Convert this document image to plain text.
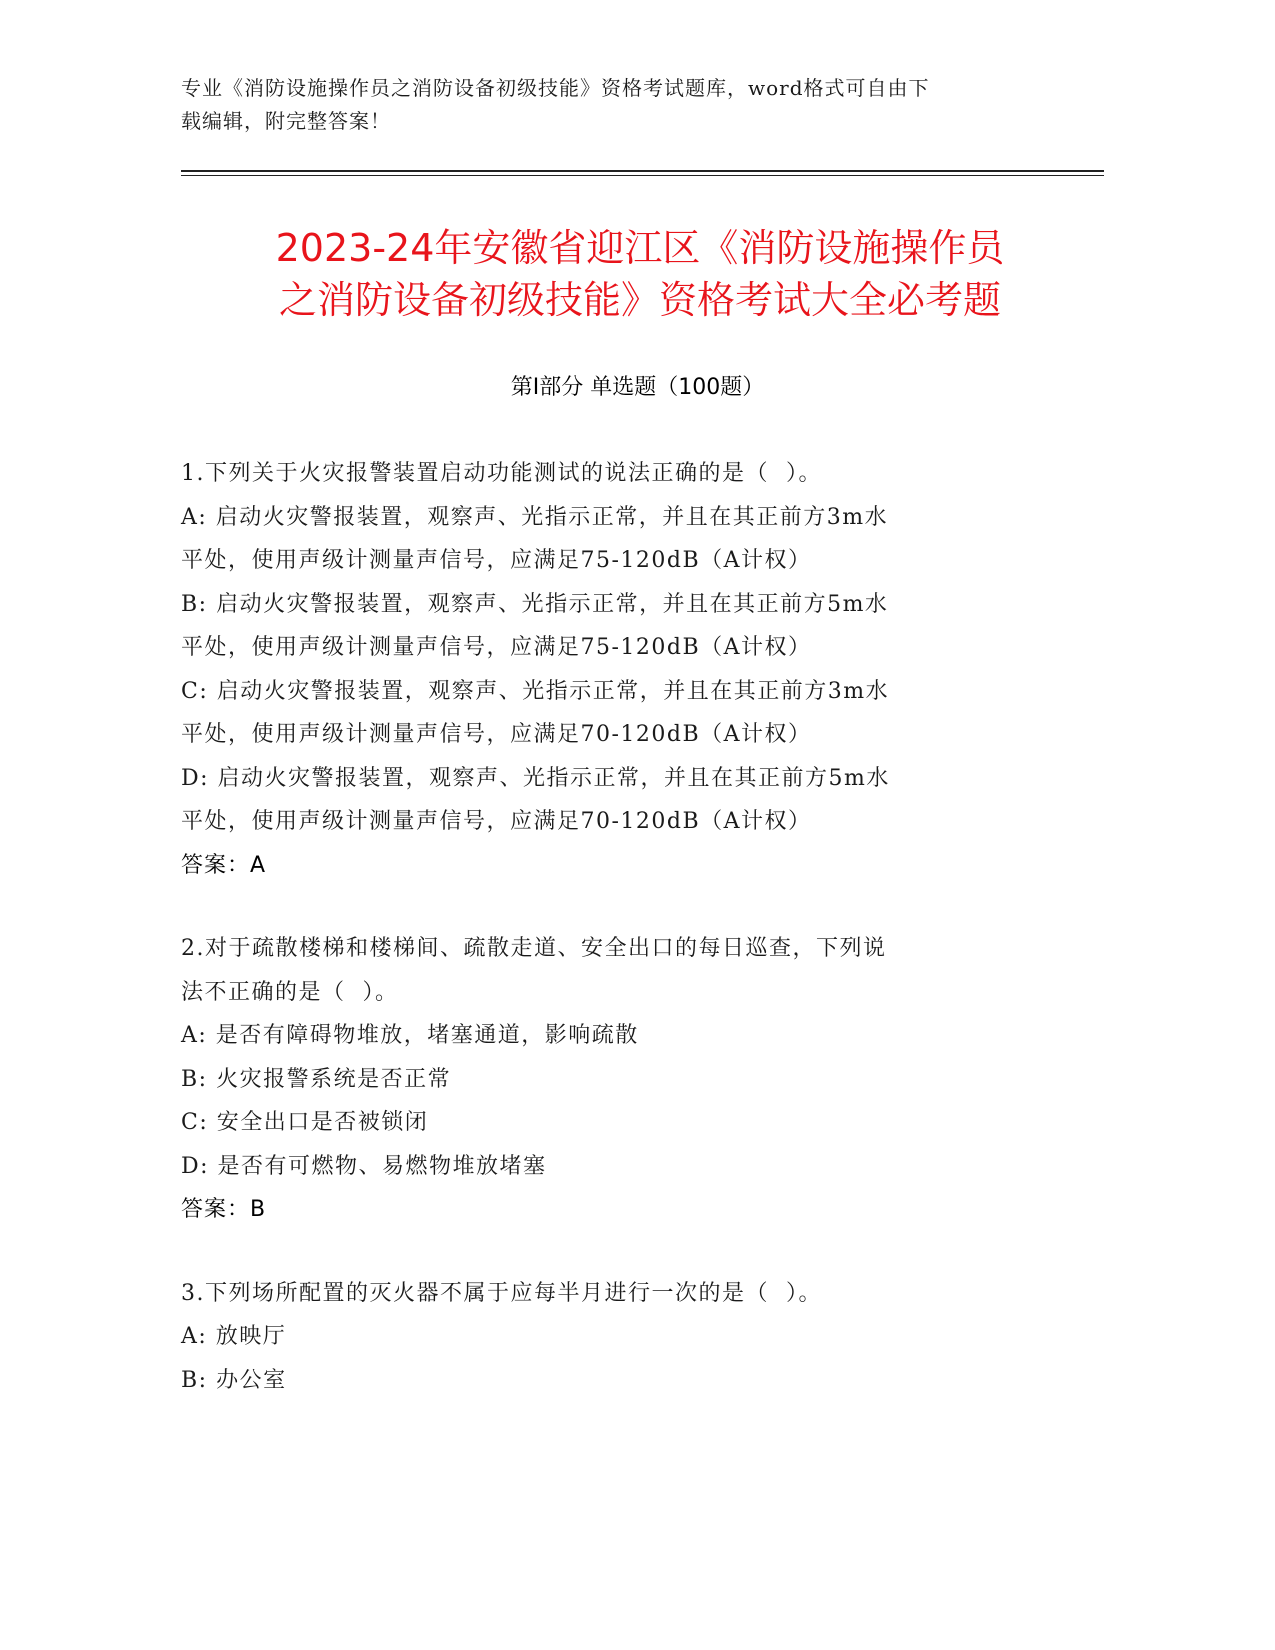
专业《消防设施操作员之消防设备初级技能》资格考试题库，word格式可自由下
载编辑，附完整答案！
2023-24年安徽省迎江区《消防设施操作员
之消防设备初级技能》资格考试大全必考题
第I部分 单选题（100题）
1.下列关于火灾报警装置启动功能测试的说法正确的是（  ）。
A: 启动火灾警报装置，观察声、光指示正常，并且在其正前方3m水
平处，使用声级计测量声信号，应满足75-120dB（A计权）
B: 启动火灾警报装置，观察声、光指示正常，并且在其正前方5m水
平处，使用声级计测量声信号，应满足75-120dB（A计权）
C: 启动火灾警报装置，观察声、光指示正常，并且在其正前方3m水
平处，使用声级计测量声信号，应满足70-120dB（A计权）
D: 启动火灾警报装置，观察声、光指示正常，并且在其正前方5m水
平处，使用声级计测量声信号，应满足70-120dB（A计权）
答案：A
2.对于疏散楼梯和楼梯间、疏散走道、安全出口的每日巡查，下列说
法不正确的是（  ）。
A: 是否有障碍物堆放，堵塞通道，影响疏散
B: 火灾报警系统是否正常
C: 安全出口是否被锁闭
D: 是否有可燃物、易燃物堆放堵塞
答案：B
3.下列场所配置的灭火器不属于应每半月进行一次的是（  ）。
A: 放映厅
B: 办公室
